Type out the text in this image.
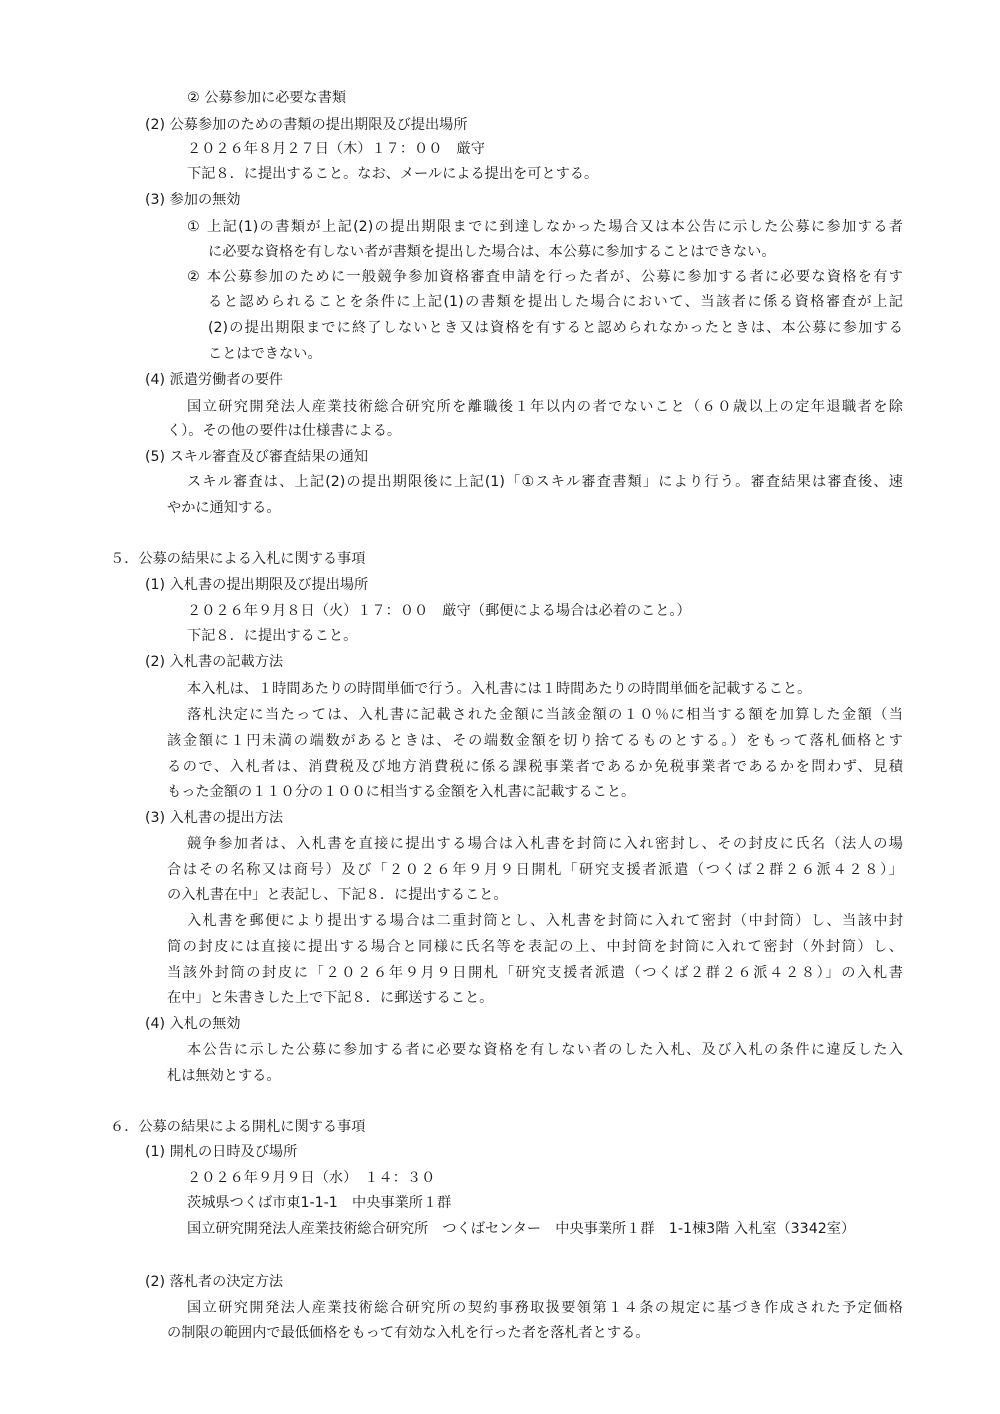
② 公募参加に必要な書類
(2) 公募参加のための書類の提出期限及び提出場所
２０２６年８月２７日（木）１７：００　厳守
下記８．に提出すること。なお、メールによる提出を可とする。
(3) 参加の無効
① 上記(1)の書類が上記(2)の提出期限までに到達しなかった場合又は本公告に示した公募に参加する者
に必要な資格を有しない者が書類を提出した場合は、本公募に参加することはできない。
② 本公募参加のために一般競争参加資格審査申請を行った者が、公募に参加する者に必要な資格を有す
ると認められることを条件に上記(1)の書類を提出した場合において、当該者に係る資格審査が上記
(2)の提出期限までに終了しないとき又は資格を有すると認められなかったときは、本公募に参加する
ことはできない。
(4) 派遣労働者の要件
国立研究開発法人産業技術総合研究所を離職後１年以内の者でないこと（６０歳以上の定年退職者を除
く）。その他の要件は仕様書による。
(5) スキル審査及び審査結果の通知
スキル審査は、上記(2)の提出期限後に上記(1)「①スキル審査書類」により行う。審査結果は審査後、速
やかに通知する。
５．公募の結果による入札に関する事項
(1) 入札書の提出期限及び提出場所
２０２６年９月８日（火）１７：００　厳守（郵便による場合は必着のこと。）
下記８．に提出すること。
(2) 入札書の記載方法
本入札は、１時間あたりの時間単価で行う。入札書には１時間あたりの時間単価を記載すること。
落札決定に当たっては、入札書に記載された金額に当該金額の１０％に相当する額を加算した金額（当
該金額に１円未満の端数があるときは、その端数金額を切り捨てるものとする。）をもって落札価格とす
るので、入札者は、消費税及び地方消費税に係る課税事業者であるか免税事業者であるかを問わず、見積
もった金額の１１０分の１００に相当する金額を入札書に記載すること。
(3) 入札書の提出方法
競争参加者は、入札書を直接に提出する場合は入札書を封筒に入れ密封し、その封皮に氏名（法人の場
合はその名称又は商号）及び「２０２６年９月９日開札「研究支援者派遣（つくば２群２６派４２８）」
の入札書在中」と表記し、下記８．に提出すること。
入札書を郵便により提出する場合は二重封筒とし、入札書を封筒に入れて密封（中封筒）し、当該中封
筒の封皮には直接に提出する場合と同様に氏名等を表記の上、中封筒を封筒に入れて密封（外封筒）し、
当該外封筒の封皮に「２０２６年９月９日開札「研究支援者派遣（つくば２群２６派４２８）」の入札書
在中」と朱書きした上で下記８．に郵送すること。
(4) 入札の無効
本公告に示した公募に参加する者に必要な資格を有しない者のした入札、及び入札の条件に違反した入
札は無効とする。
６．公募の結果による開札に関する事項
(1) 開札の日時及び場所
２０２６年９月９日（水）　１４：３０
茨城県つくば市東1-1-1　中央事業所１群
国立研究開発法人産業技術総合研究所　つくばセンター　中央事業所１群　1-1棟3階 入札室（3342室）
(2) 落札者の決定方法
国立研究開発法人産業技術総合研究所の契約事務取扱要領第１４条の規定に基づき作成された予定価格
の制限の範囲内で最低価格をもって有効な入札を行った者を落札者とする。
